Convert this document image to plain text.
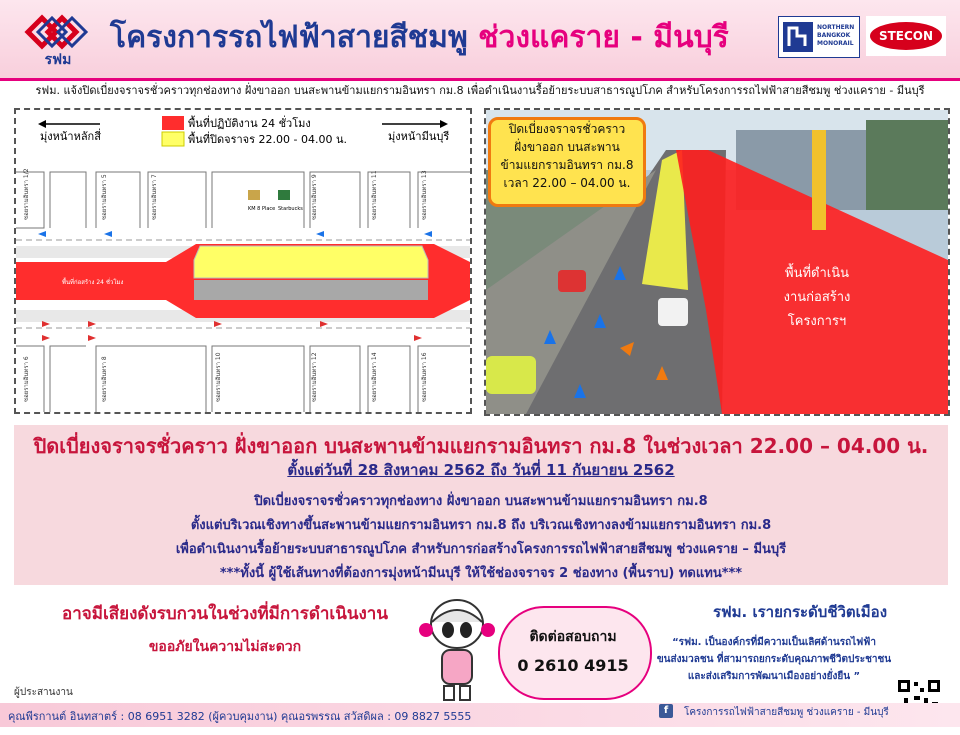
รฟม
โครงการรถไฟฟ้าสายสีชมพู ช่วงแคราย - มีนบุรี	NORTHERN
BANGKOK
MONORAIL
STECON
รฟม. แจ้งปิดเบี่ยงจราจรชั่วคราวทุกช่องทาง ฝั่งขาออก บนสะพานข้ามแยกรามอินทรา กม.8 เพื่อดำเนินงานรื้อย้ายระบบสาธารณูปโภค สำหรับโครงการรถไฟฟ้าสายสีชมพู ช่วงแคราย - มีนบุรี
มุ่งหน้าหลักสี่	มุ่งหน้ามีนบุรี
พื้นที่ปฏิบัติงาน 24 ชั่วโมง
พื้นที่ปิดจราจร 22.00 - 04.00 น.
KM 8 Place Starbucks
พื้นที่ก่อสร้าง 24 ชั่วโมง
ซอยรามอินทรา 1/2	ซอยรามอินทรา 5	ซอยรามอินทรา 7	ซอยรามอินทรา 9	ซอยรามอินทรา 11	ซอยรามอินทรา 13
ซอยรามอินทรา 6	ซอยรามอินทรา 8	ซอยรามอินทรา 10	ซอยรามอินทรา 12	ซอยรามอินทรา 14	ซอยรามอินทรา 16
ปิดเบี่ยงจราจรชั่วคราว
ฝั่งขาออก บนสะพาน
ข้ามแยกรามอินทรา กม.8
เวลา 22.00 – 04.00 น.
พื้นที่ดำเนิน
งานก่อสร้าง
โครงการฯ
ปิดเบี่ยงจราจรชั่วคราว ฝั่งขาออก บนสะพานข้ามแยกรามอินทรา กม.8 ในช่วงเวลา 22.00 – 04.00 น.
ตั้งแต่วันที่ 28 สิงหาคม 2562 ถึง วันที่ 11 กันยายน 2562
ปิดเบี่ยงจราจรชั่วคราวทุกช่องทาง ฝั่งขาออก บนสะพานข้ามแยกรามอินทรา กม.8
ตั้งแต่บริเวณเชิงทางขึ้นสะพานข้ามแยกรามอินทรา กม.8 ถึง บริเวณเชิงทางลงข้ามแยกรามอินทรา กม.8
เพื่อดำเนินงานรื้อย้ายระบบสาธารณูปโภค สำหรับการก่อสร้างโครงการรถไฟฟ้าสายสีชมพู ช่วงแคราย – มีนบุรี
***ทั้งนี้ ผู้ใช้เส้นทางที่ต้องการมุ่งหน้ามีนบุรี ให้ใช้ช่องจราจร 2 ช่องทาง (พื้นราบ) ทดแทน***
อาจมีเสียงดังรบกวนในช่วงที่มีการดำเนินงาน
ขออภัยในความไม่สะดวก
ติดต่อสอบถาม
0 2610 4915
รฟม. เรายกระดับชีวิตเมือง
“รฟม. เป็นองค์กรที่มีความเป็นเลิศด้านรถไฟฟ้า
ขนส่งมวลชน ที่สามารถยกระดับคุณภาพชีวิตประชาชน
และส่งเสริมการพัฒนาเมืองอย่างยั่งยืน ”
ผู้ประสานงาน
คุณพีรกานต์ อินทสาตร์ : 08 6951 3282 (ผู้ควบคุมงาน) คุณอรพรรณ สวัสดิผล : 09 8827 5555	f	โครงการรถไฟฟ้าสายสีชมพู ช่วงแคราย - มีนบุรี
